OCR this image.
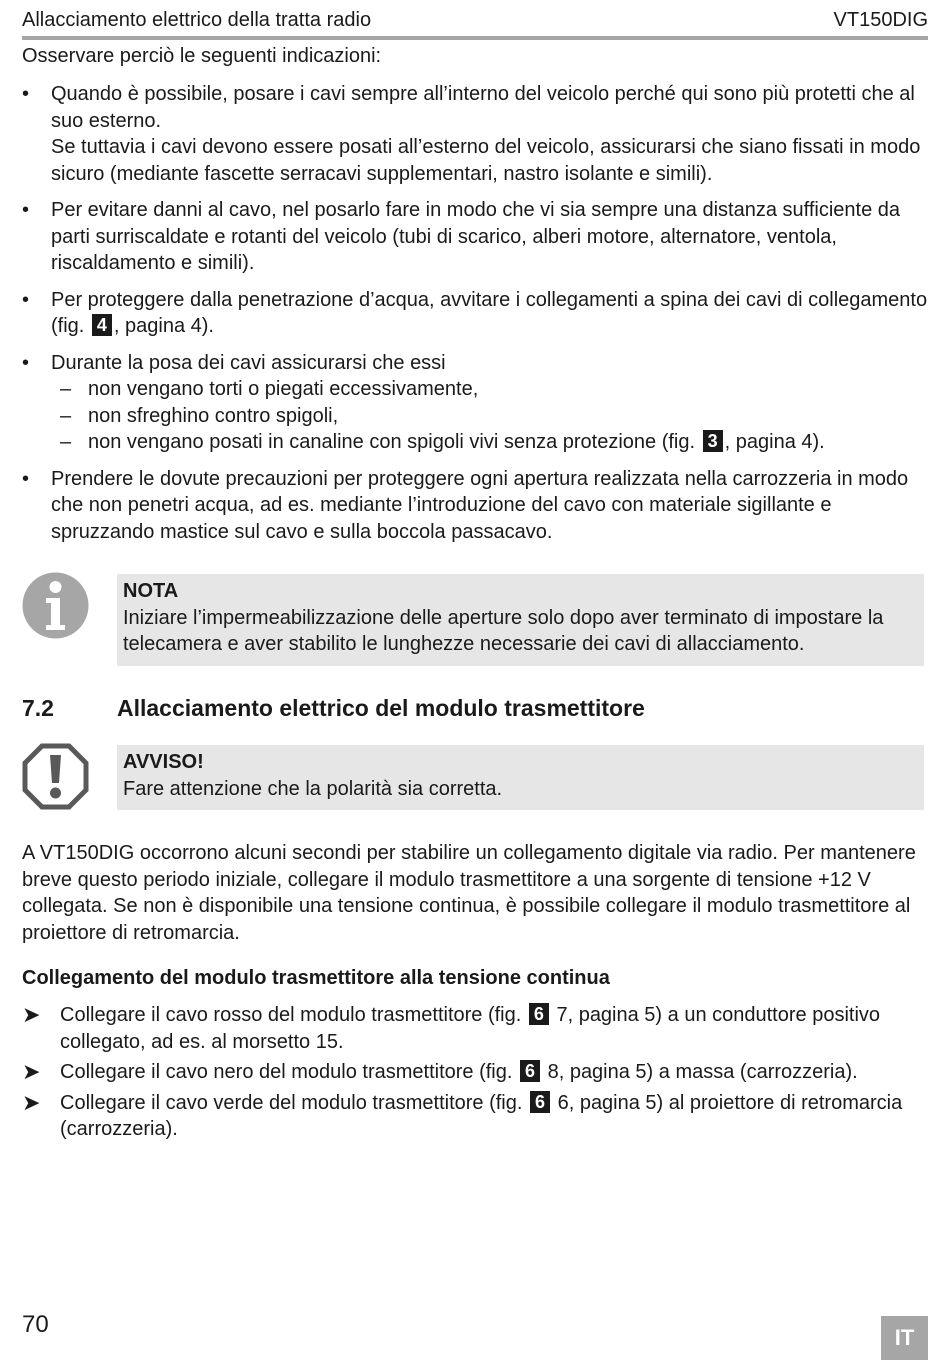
Allacciamento elettrico della tratta radio	VT150DIG
Osservare perciò le seguenti indicazioni:
• Quando è possibile, posare i cavi sempre all’interno del veicolo perché qui sono più protetti che al suo esterno.
Se tuttavia i cavi devono essere posati all’esterno del veicolo, assicurarsi che siano fissati in modo sicuro (mediante fascette serracavi supplementari, nastro isolante e simili).
• Per evitare danni al cavo, nel posarlo fare in modo che vi sia sempre una distanza sufficiente da parti surriscaldate e rotanti del veicolo (tubi di scarico, alberi motore, alternatore, ventola, riscaldamento e simili).
• Per proteggere dalla penetrazione d’acqua, avvitare i collegamenti a spina dei cavi di collegamento (fig. 4 , pagina 4).
• Durante la posa dei cavi assicurarsi che essi
– non vengano torti o piegati eccessivamente,
– non sfreghino contro spigoli,
– non vengano posati in canaline con spigoli vivi senza protezione (fig. 3 , pagina 4).
• Prendere le dovute precauzioni per proteggere ogni apertura realizzata nella carrozzeria in modo che non penetri acqua, ad es. mediante l’introduzione del cavo con materiale sigillante e spruzzando mastice sul cavo e sulla boccola passacavo.
NOTA
Iniziare l’impermeabilizzazione delle aperture solo dopo aver terminato di impostare la telecamera e aver stabilito le lunghezze necessarie dei cavi di allacciamento.
7.2	Allacciamento elettrico del modulo trasmettitore
AVVISO!
Fare attenzione che la polarità sia corretta.
A VT150DIG occorrono alcuni secondi per stabilire un collegamento digitale via radio. Per mantenere breve questo periodo iniziale, collegare il modulo trasmettitore a una sorgente di tensione +12 V collegata. Se non è disponibile una tensione continua, è possibile collegare il modulo trasmettitore al proiettore di retromarcia.
Collegamento del modulo trasmettitore alla tensione continua
➤ Collegare il cavo rosso del modulo trasmettitore (fig. 6 7, pagina 5) a un conduttore positivo collegato, ad es. al morsetto 15.
➤ Collegare il cavo nero del modulo trasmettitore (fig. 6 8, pagina 5) a massa (carrozzeria).
➤ Collegare il cavo verde del modulo trasmettitore (fig. 6 6, pagina 5) al proiettore di retromarcia (carrozzeria).
70	IT
